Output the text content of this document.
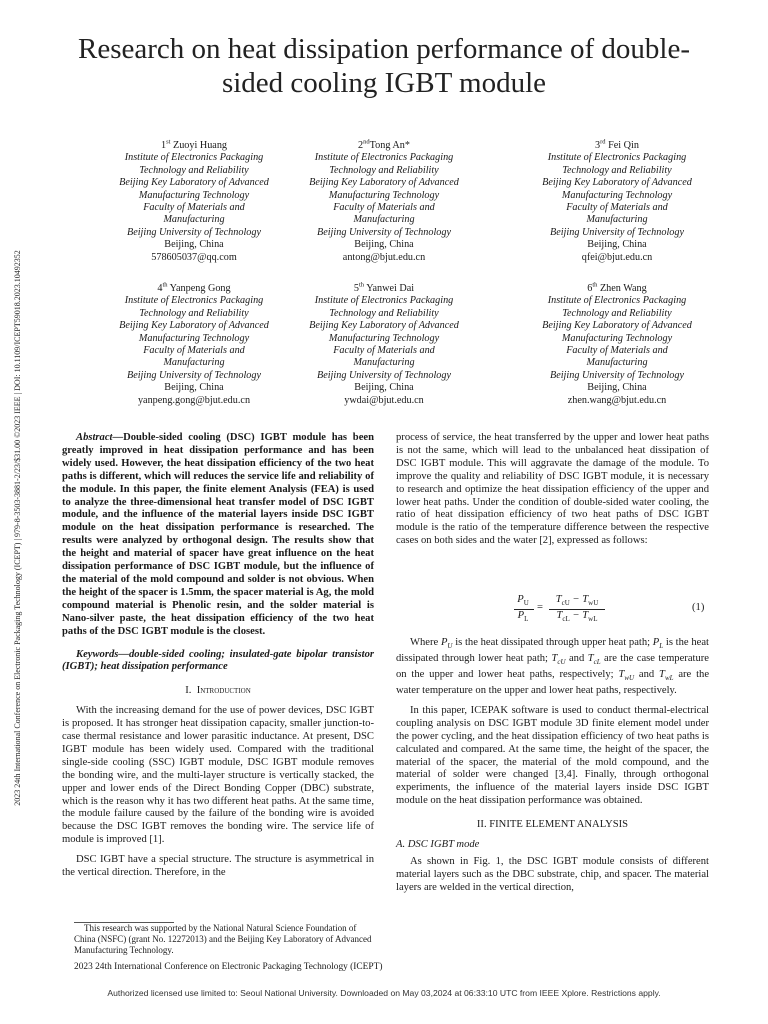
Research on heat dissipation performance of double-sided cooling IGBT module
2023 24th International Conference on Electronic Packaging Technology (ICEPT) | 979-8-3503-3881-2/23/$31.00 ©2023 IEEE | DOI: 10.1109/ICEPT59018.2023.10492352
1st Zuoyi Huang
Institute of Electronics Packaging
Technology and Reliability
Beijing Key Laboratory of Advanced
Manufacturing Technology
Faculty of Materials and
Manufacturing
Beijing University of Technology
Beijing, China
578605037@qq.com
2ndTong An*
Institute of Electronics Packaging
Technology and Reliability
Beijing Key Laboratory of Advanced
Manufacturing Technology
Faculty of Materials and
Manufacturing
Beijing University of Technology
Beijing, China
antong@bjut.edu.cn
3rd Fei Qin
Institute of Electronics Packaging
Technology and Reliability
Beijing Key Laboratory of Advanced
Manufacturing Technology
Faculty of Materials and
Manufacturing
Beijing University of Technology
Beijing, China
qfei@bjut.edu.cn
4th Yanpeng Gong
Institute of Electronics Packaging
Technology and Reliability
Beijing Key Laboratory of Advanced
Manufacturing Technology
Faculty of Materials and
Manufacturing
Beijing University of Technology
Beijing, China
yanpeng.gong@bjut.edu.cn
5th Yanwei Dai
Institute of Electronics Packaging
Technology and Reliability
Beijing Key Laboratory of Advanced
Manufacturing Technology
Faculty of Materials and
Manufacturing
Beijing University of Technology
Beijing, China
ywdai@bjut.edu.cn
6th Zhen Wang
Institute of Electronics Packaging
Technology and Reliability
Beijing Key Laboratory of Advanced
Manufacturing Technology
Faculty of Materials and
Manufacturing
Beijing University of Technology
Beijing, China
zhen.wang@bjut.edu.cn

Abstract—Double-sided cooling (DSC) IGBT module has been greatly improved in heat dissipation performance and has been widely used. However, the heat dissipation efficiency of the two heat paths is different, which will reduces the service life and reliability of the module. In this paper, the finite element Analysis (FEA) is used to analyze the three-dimensional heat transfer model of DSC IGBT module, and the influence of the material layers inside DSC IGBT module on the heat dissipation performance is researched. The results were analyzed by orthogonal design. The results show that the height and material of spacer have great influence on the heat dissipation performance of DSC IGBT module, but the influence of the material of the mold compound and solder is not obvious. When the height of the spacer is 1.5mm, the spacer material is Ag, the mold compound material is Phenolic resin, and the solder material is Nano-silver paste, the heat dissipation efficiency of the two heat paths of the DSC IGBT module is the closest.

Keywords—double-sided cooling; insulated-gate bipolar transistor (IGBT); heat dissipation performance

I. Introduction

With the increasing demand for the use of power devices, DSC IGBT is proposed. It has stronger heat dissipation capacity, smaller junction-to-case thermal resistance and lower parasitic inductance. At present, DSC IGBT module has been widely used. Compared with the traditional single-side cooling (SSC) IGBT module, DSC IGBT module removes the bonding wire, and the multi-layer structure is vertically stacked, the upper and lower ends of the Direct Bonding Copper (DBC) substrate, which is the reason why it has two different heat paths. At the same time, the module failure caused by the failure of the bonding wire is avoided because the DSC IGBT removes the bonding wire. The service life of module is improved [1].

DSC IGBT have a special structure. The structure is asymmetrical in the vertical direction. Therefore, in the

This research was supported by the National Natural Science Foundation of China (NSFC) (grant No. 12272013) and the Beijing Key Laboratory of Advanced Manufacturing Technology.

process of service, the heat transferred by the upper and lower heat paths is not the same, which will lead to the unbalanced heat dissipation of DSC IGBT module. This will aggravate the damage of the module. To improve the quality and reliability of DSC IGBT module, it is necessary to research and optimize the heat dissipation efficiency of the upper and lower heat paths. Under the condition of double-sided water cooling, the ratio of heat dissipation efficiency of two heat paths of DSC IGBT module is the ratio of the temperature difference between the respective cases on both sides and the water [2], expressed as follows:

$P_U$
$P_L$
=
$T_{cU} - T_{wU}$
$T_{cL} - T_{wL}$
(1)

Where $P_U$ is the heat dissipated through upper heat path; $P_L$ is the heat dissipated through lower heat path; $T_{cU}$ and $T_{cL}$ are the case temperature on the upper and lower heat paths, respectively; $T_{wU}$ and $T_{wL}$ are the water temperature on the upper and lower heat paths, respectively.

In this paper, ICEPAK software is used to conduct thermal-electrical coupling analysis on DSC IGBT module 3D finite element model under the power cycling, and the heat dissipation efficiency of two heat paths is calculated and compared. At the same time, the height of the spacer, the material of the spacer, the material of the mold compound, and the material of solder were changed [3,4]. Finally, through orthogonal experiments, the influence of the material layers inside DSC IGBT module on the heat dissipation performance was obtained.

II. FINITE ELEMENT ANALYSIS

A. DSC IGBT mode

As shown in Fig. 1, the DSC IGBT module consists of different material layers such as the DBC substrate, chip, and spacer. The material layers are welded in the vertical direction,

2023 24th International Conference on Electronic Packaging Technology (ICEPT)
Authorized licensed use limited to: Seoul National University. Downloaded on May 03,2024 at 06:33:10 UTC from IEEE Xplore. Restrictions apply.
